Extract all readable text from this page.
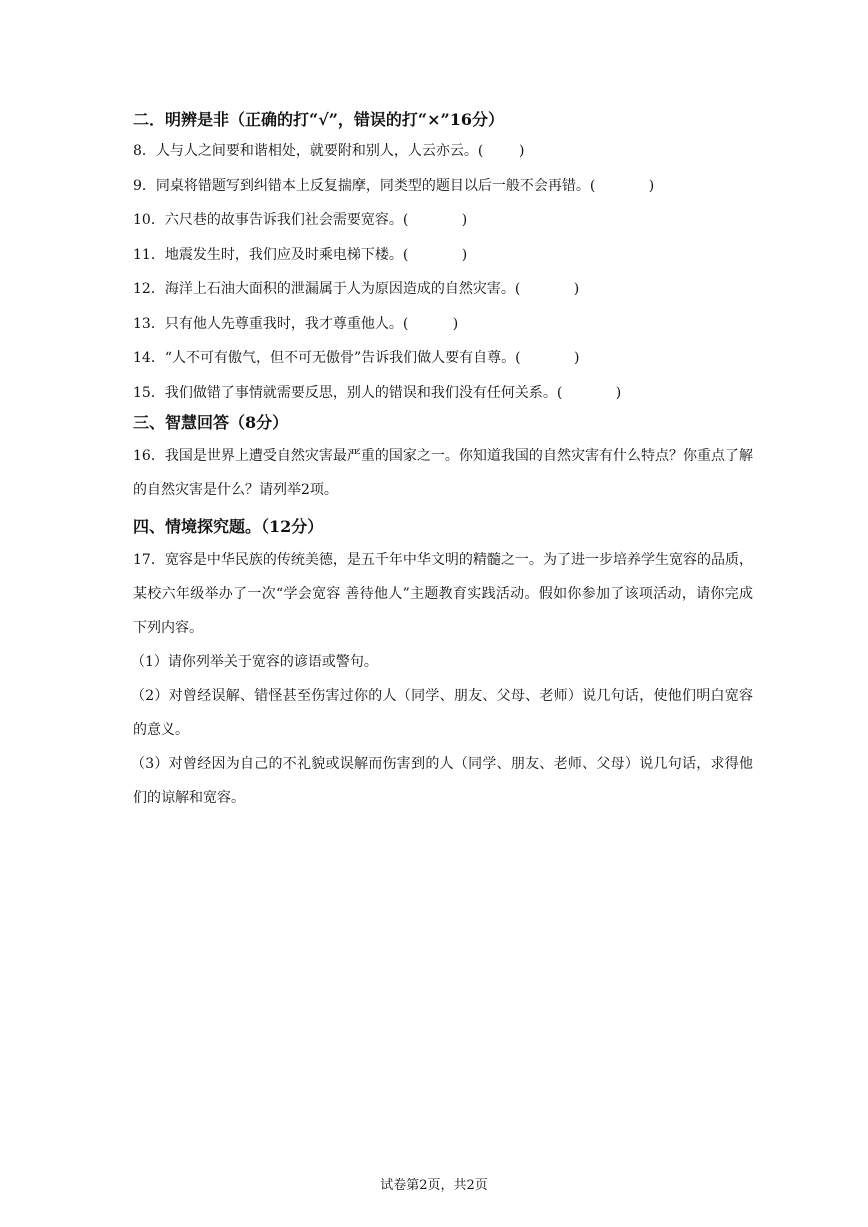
二．明辨是非（正确的打“√”，错误的打“×”16分）
8．人与人之间要和谐相处，就要附和别人，人云亦云。(        )
9．同桌将错题写到纠错本上反复揣摩，同类型的题目以后一般不会再错。(            )
10．六尺巷的故事告诉我们社会需要宽容。(            )
11．地震发生时，我们应及时乘电梯下楼。(            )
12．海洋上石油大面积的泄漏属于人为原因造成的自然灾害。(            )
13．只有他人先尊重我时，我才尊重他人。(          )
14．“人不可有傲气，但不可无傲骨”告诉我们做人要有自尊。(            )
15．我们做错了事情就需要反思，别人的错误和我们没有任何关系。(            )
三、智慧回答（8分）

16．我国是世界上遭受自然灾害最严重的国家之一。你知道我国的自然灾害有什么特点？你重点了解的自然灾害是什么？请列举2项。

四、情境探究题。（12分）

17．宽容是中华民族的传统美德，是五千年中华文明的精髓之一。为了进一步培养学生宽容的品质，某校六年级举办了一次“学会宽容 善待他人”主题教育实践活动。假如你参加了该项活动，请你完成下列内容。

（1）请你列举关于宽容的谚语或警句。

（2）对曾经误解、错怪甚至伤害过你的人（同学、朋友、父母、老师）说几句话，使他们明白宽容的意义。

（3）对曾经因为自己的不礼貌或误解而伤害到的人（同学、朋友、老师、父母）说几句话，求得他们的谅解和宽容。

试卷第2页，共2页
